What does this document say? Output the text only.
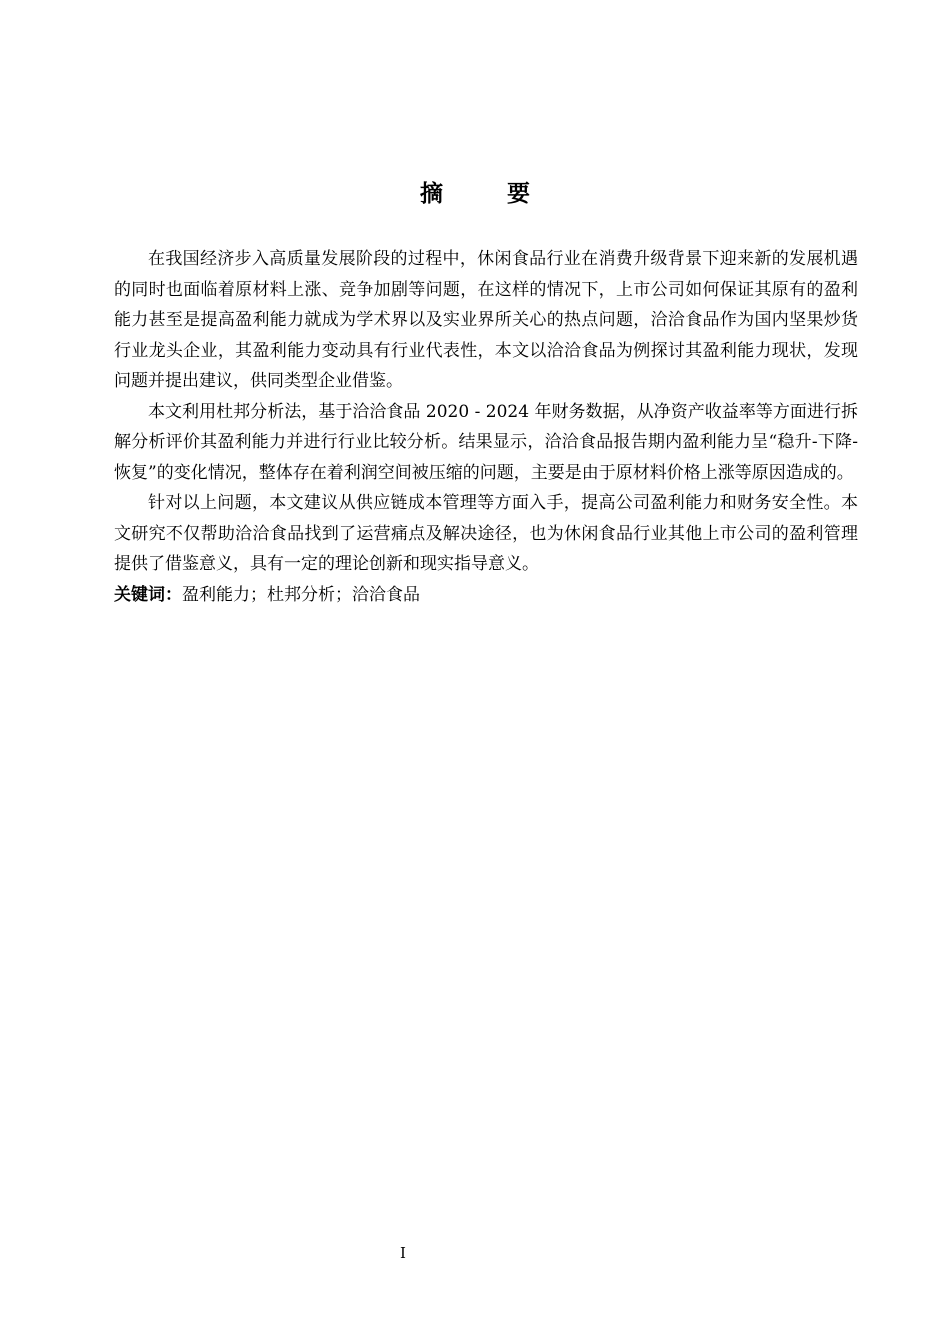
摘 要

在我国经济步入高质量发展阶段的过程中，休闲食品行业在消费升级背景下迎来新的发展机遇的同时也面临着原材料上涨、竞争加剧等问题，在这样的情况下，上市公司如何保证其原有的盈利能力甚至是提高盈利能力就成为学术界以及实业界所关心的热点问题，洽洽食品作为国内坚果炒货行业龙头企业，其盈利能力变动具有行业代表性，本文以洽洽食品为例探讨其盈利能力现状，发现问题并提出建议，供同类型企业借鉴。

本文利用杜邦分析法，基于洽洽食品 2020 - 2024 年财务数据，从净资产收益率等方面进行拆解分析评价其盈利能力并进行行业比较分析。结果显示，洽洽食品报告期内盈利能力呈“稳升-下降-恢复”的变化情况，整体存在着利润空间被压缩的问题，主要是由于原材料价格上涨等原因造成的。

针对以上问题，本文建议从供应链成本管理等方面入手，提高公司盈利能力和财务安全性。本文研究不仅帮助洽洽食品找到了运营痛点及解决途径，也为休闲食品行业其他上市公司的盈利管理提供了借鉴意义，具有一定的理论创新和现实指导意义。

关键词：盈利能力；杜邦分析；洽洽食品

I
